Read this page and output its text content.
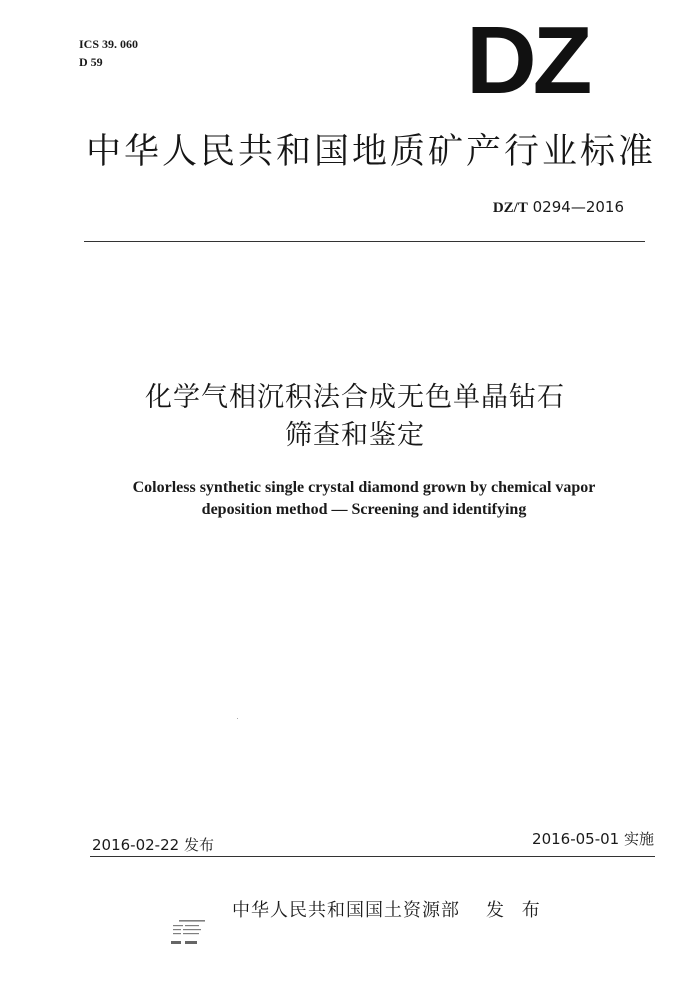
ICS 39. 060
D 59	DZ
中华人民共和国地质矿产行业标准
DZ/T 0294—2016
化学气相沉积法合成无色单晶钻石
筛查和鉴定
Colorless synthetic single crystal diamond grown by chemical vapor
deposition method — Screening and identifying
2016-02-22 发布	2016-05-01 实施
中华人民共和国国土资源部 发 布
